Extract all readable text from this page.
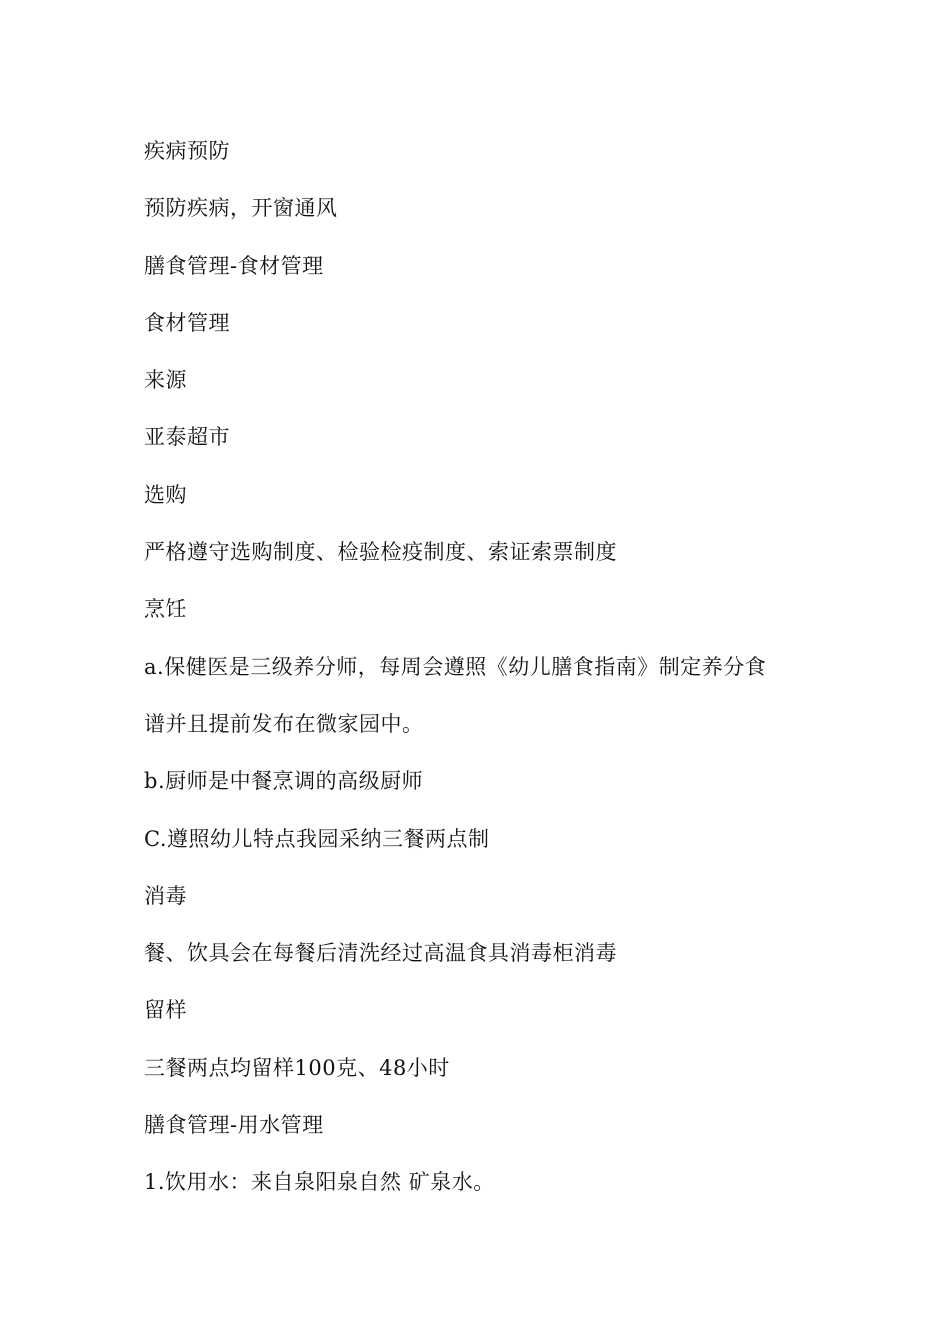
疾病预防
预防疾病，开窗通风
膳食管理-食材管理
食材管理
来源
亚泰超市
选购
严格遵守选购制度、检验检疫制度、索证索票制度
烹饪
a.保健医是三级养分师，每周会遵照《幼儿膳食指南》制定养分食
谱并且提前发布在微家园中。
b.厨师是中餐烹调的高级厨师
C.遵照幼儿特点我园采纳三餐两点制
消毒
餐、饮具会在每餐后清洗经过高温食具消毒柜消毒
留样
三餐两点均留样100克、48小时
膳食管理-用水管理
1.饮用水：来自泉阳泉自然 矿泉水。
